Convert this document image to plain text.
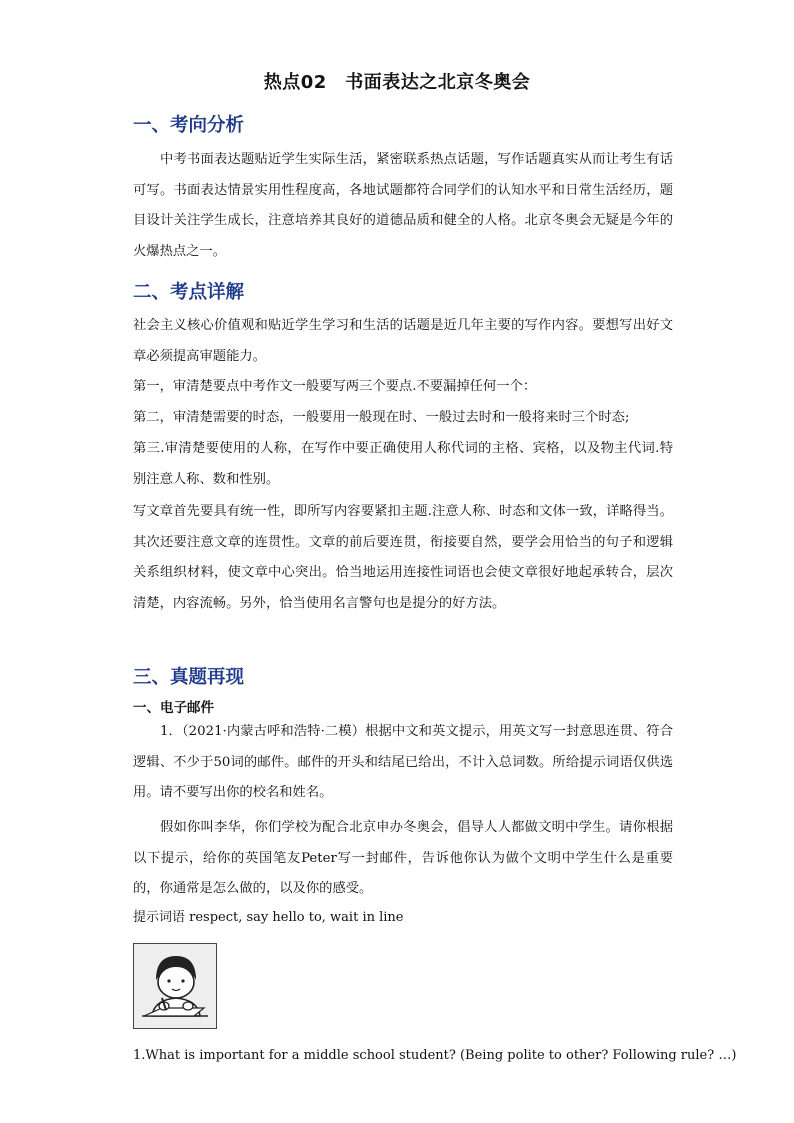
热点02　书面表达之北京冬奥会
一、考向分析

中考书面表达题贴近学生实际生活，紧密联系热点话题，写作话题真实从而让考生有话可写。书面表达情景实用性程度高，各地试题都符合同学们的认知水平和日常生活经历，题目设计关注学生成长，注意培养其良好的道德品质和健全的人格。北京冬奥会无疑是今年的火爆热点之一。

二、考点详解

社会主义核心价值观和贴近学生学习和生活的话题是近几年主要的写作内容。要想写出好文章必须提高审题能力。

第一，审清楚要点中考作文一般要写两三个要点.不要漏掉任何一个：
第二，审清楚需要的时态，一般要用一般现在时、一般过去时和一般将来时三个时态;

第三.审清楚要使用的人称，在写作中要正确使用人称代词的主格、宾格，以及物主代词.特别注意人称、数和性别。

写文章首先要具有统一性，即所写内容要紧扣主题.注意人称、时态和文体一致，详略得当。其次还要注意文章的连贯性。文章的前后要连贯，衔接要自然，要学会用恰当的句子和逻辑关系组织材料，使文章中心突出。恰当地运用连接性词语也会使文章很好地起承转合，层次清楚，内容流畅。另外，恰当使用名言警句也是提分的好方法。

三、真题再现
一、电子邮件

1．（2021·内蒙古呼和浩特·二模）根据中文和英文提示，用英文写一封意思连贯、符合逻辑、不少于50词的邮件。邮件的开头和结尾已给出，不计入总词数。所给提示词语仅供选用。请不要写出你的校名和姓名。

假如你叫李华，你们学校为配合北京申办冬奥会，倡导人人都做文明中学生。请你根据以下提示，给你的英国笔友Peter写一封邮件，告诉他你认为做个文明中学生什么是重要的，你通常是怎么做的，以及你的感受。

提示词语 respect, say hello to, wait in line
1.What is important for a middle school student? (Being polite to other? Following rule? …)
